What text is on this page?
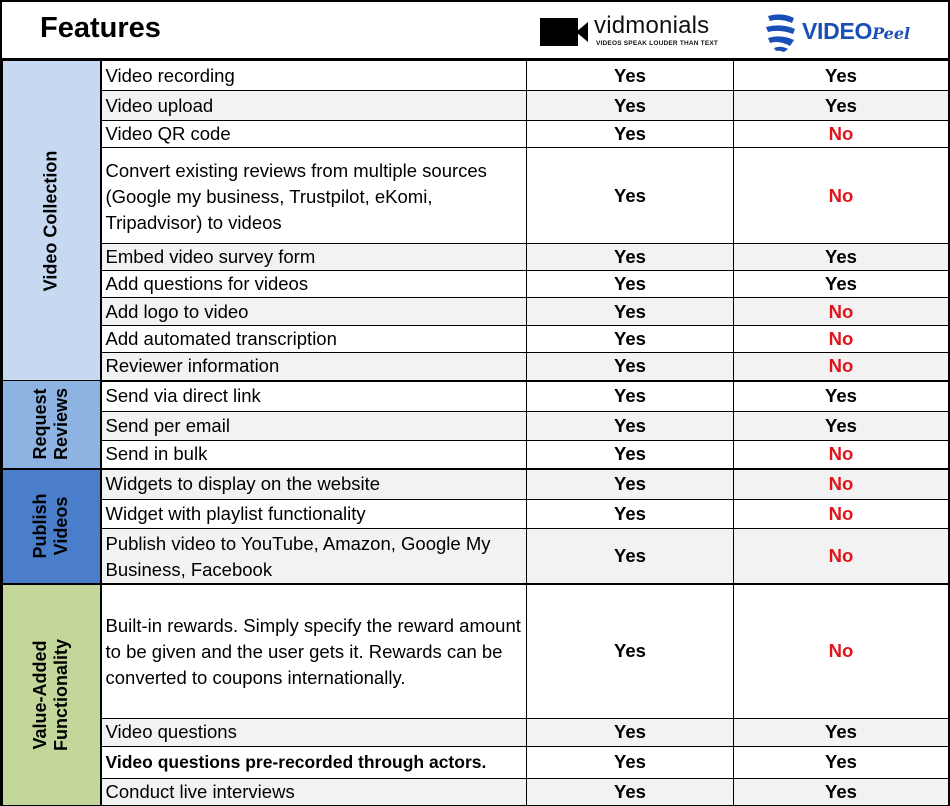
Features	vidmonials
VIDEOS SPEAK LOUDER THAN TEXT	VIDEOPeel
Video Collection	Video recording	Yes	Yes
	Video upload	Yes	Yes
	Video QR code	Yes	No
	Convert existing reviews from multiple sources (Google my business, Trustpilot, eKomi, Tripadvisor) to videos	Yes	No
	Embed video survey form	Yes	Yes
	Add questions for videos	Yes	Yes
	Add logo to video	Yes	No
	Add automated transcription	Yes	No
	Reviewer information	Yes	No

Request Reviews	Send via direct link	Yes	Yes
	Send per email	Yes	Yes
	Send in bulk	Yes	No

Publish Videos	Widgets to display on the website	Yes	No
	Widget with playlist functionality	Yes	No
	Publish video to YouTube, Amazon, Google My Business, Facebook	Yes	No

Value-Added Functionality	Built-in rewards. Simply specify the reward amount to be given and the user gets it. Rewards can be converted to coupons internationally.	Yes	No
	Video questions	Yes	Yes
	Video questions pre-recorded through actors.	Yes	Yes
	Conduct live interviews	Yes	Yes
